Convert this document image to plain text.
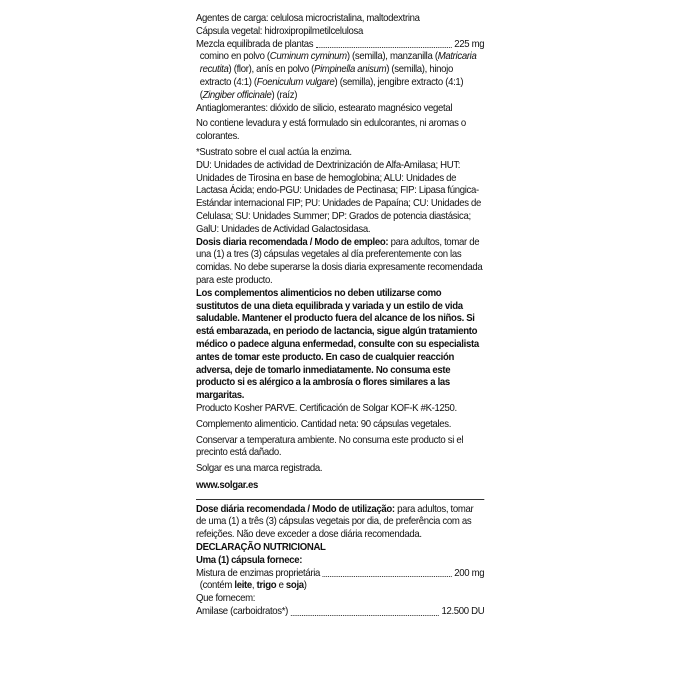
Agentes de carga: celulosa microcristalina, maltodextrina

Cápsula vegetal: hidroxipropilmetilcelulosa

Mezcla equilibrada de plantas	225 mg

comino en polvo (Cuminum cyminum) (semilla), manzanilla (Matricaria recutita) (flor), anís en polvo (Pimpinella anisum) (semilla), hinojo extracto (4:1) (Foeniculum vulgare) (semilla), jengibre extracto (4:1) (Zingiber officinale) (raíz)

Antiaglomerantes: dióxido de silicio, estearato magnésico vegetal

No contiene levadura y está formulado sin edulcorantes, ni aromas o colorantes.

*Sustrato sobre el cual actúa la enzima.

DU: Unidades de actividad de Dextrinización de Alfa-Amilasa; HUT: Unidades de Tirosina en base de hemoglobina; ALU: Unidades de Lactasa Ácida; endo-PGU: Unidades de Pectinasa; FIP: Lipasa fúngica-Estándar internacional FIP; PU: Unidades de Papaína; CU: Unidades de Celulasa; SU: Unidades Summer; DP: Grados de potencia diastásica; GalU: Unidades de Actividad Galactosidasa.

Dosis diaria recomendada / Modo de empleo: para adultos, tomar de una (1) a tres (3) cápsulas vegetales al día preferentemente con las comidas. No debe superarse la dosis diaria expresamente recomendada para este producto.

Los complementos alimenticios no deben utilizarse como sustitutos de una dieta equilibrada y variada y un estilo de vida saludable. Mantener el producto fuera del alcance de los niños. Si está embarazada, en periodo de lactancia, sigue algún tratamiento médico o padece alguna enfermedad, consulte con su especialista antes de tomar este producto. En caso de cualquier reacción adversa, deje de tomarlo inmediatamente. No consuma este producto si es alérgico a la ambrosía o flores similares a las margaritas.

Producto Kosher PARVE. Certificación de Solgar KOF-K #K-1250.

Complemento alimenticio. Cantidad neta: 90 cápsulas vegetales.

Conservar a temperatura ambiente. No consuma este producto si el precinto está dañado.

Solgar es una marca registrada.

www.solgar.es

Dose diária recomendada / Modo de utilização: para adultos, tomar de uma (1) a três (3) cápsulas vegetais por dia, de preferência com as refeições. Não deve exceder a dose diária recomendada.

DECLARAÇÃO NUTRICIONAL

Uma (1) cápsula fornece:

Mistura de enzimas proprietária	200 mg

(contém leite, trigo e soja)

Que fornecem:

Amilase (carboidratos*)	12.500 DU
